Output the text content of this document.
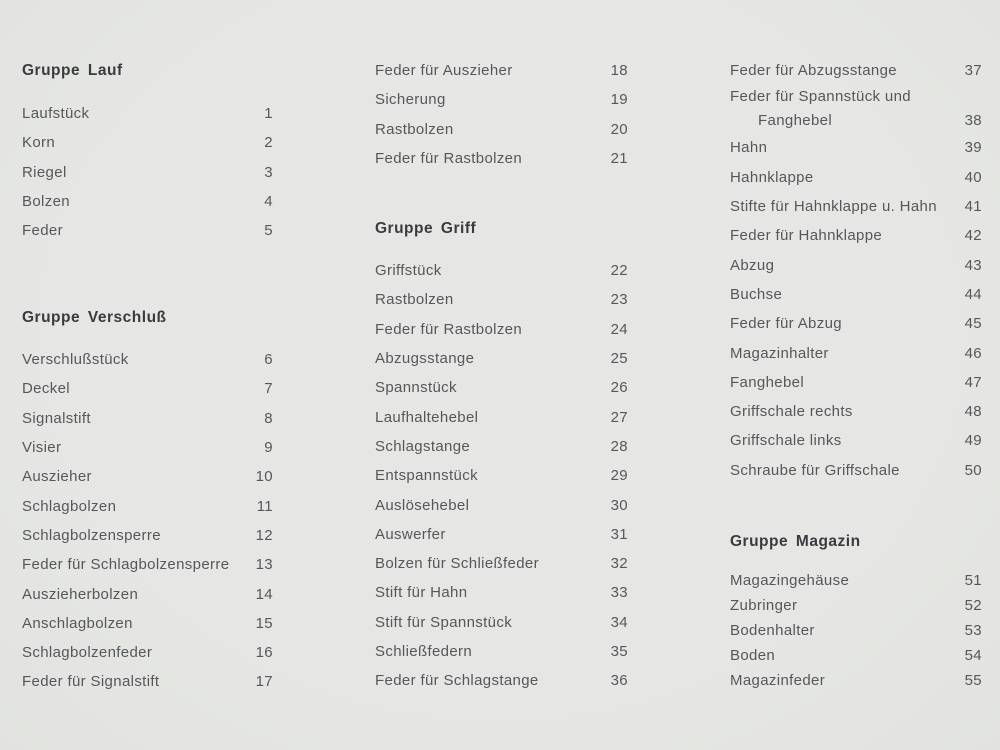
Gruppe Lauf
Laufstück	1
Korn	2
Riegel	3
Bolzen	4
Feder	5
Gruppe Verschluß
Verschlußstück	6
Deckel	7
Signalstift	8
Visier	9
Auszieher	10
Schlagbolzen	11
Schlagbolzensperre	12
Feder für Schlagbolzensperre	13
Auszieherbolzen	14
Anschlagbolzen	15
Schlagbolzenfeder	16
Feder für Signalstift	17
Feder für Auszieher	18
Sicherung	19
Rastbolzen	20
Feder für Rastbolzen	21
Gruppe Griff
Griffstück	22
Rastbolzen	23
Feder für Rastbolzen	24
Abzugsstange	25
Spannstück	26
Laufhaltehebel	27
Schlagstange	28
Entspannstück	29
Auslösehebel	30
Auswerfer	31
Bolzen für Schließfeder	32
Stift für Hahn	33
Stift für Spannstück	34
Schließfedern	35
Feder für Schlagstange	36
Feder für Abzugsstange	37
Feder für Spannstück und
Fanghebel	38
Hahn	39
Hahnklappe	40
Stifte für Hahnklappe u. Hahn	41
Feder für Hahnklappe	42
Abzug	43
Buchse	44
Feder für Abzug	45
Magazinhalter	46
Fanghebel	47
Griffschale rechts	48
Griffschale links	49
Schraube für Griffschale	50
Gruppe Magazin
Magazingehäuse	51
Zubringer	52
Bodenhalter	53
Boden	54
Magazinfeder	55
